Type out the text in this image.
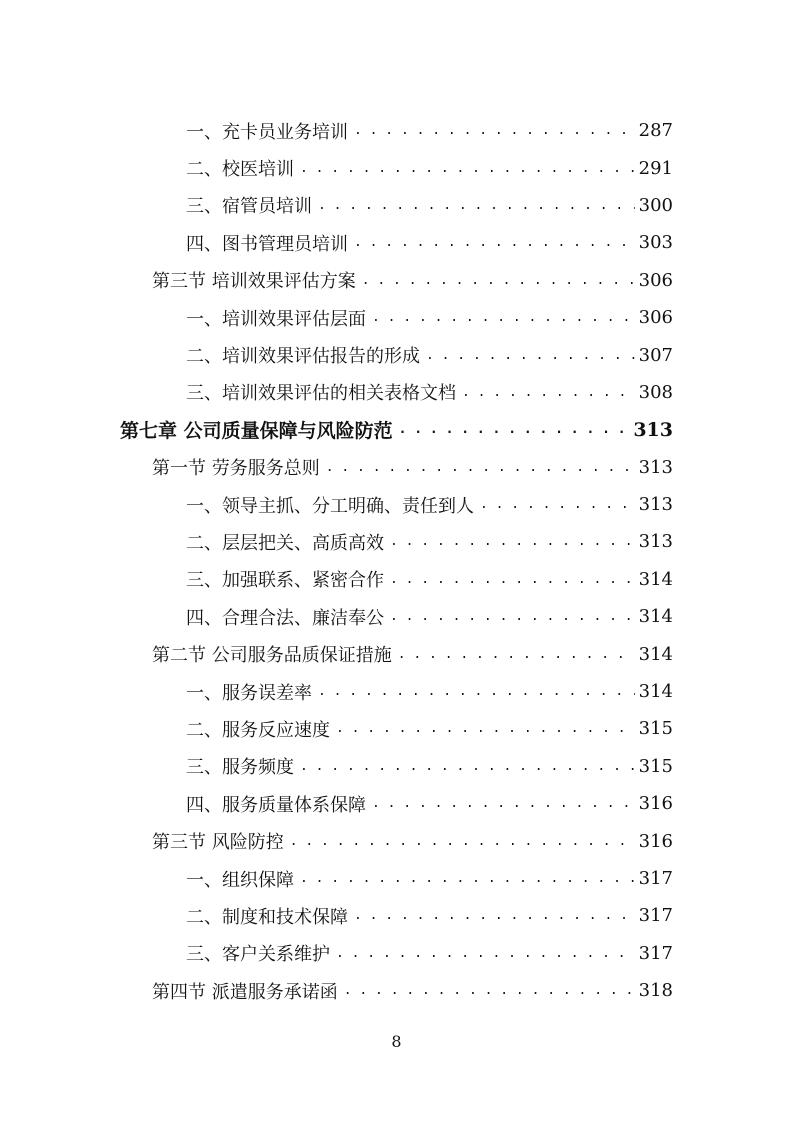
一、充卡员业务培训 . . .	287
二、校医培训 . . .	291
三、宿管员培训 . . .	300
四、图书管理员培训 . . .	303
第三节 培训效果评估方案 . . .	306
一、培训效果评估层面 . . .	306
二、培训效果评估报告的形成 . . .	307
三、培训效果评估的相关表格文档 . . .	308
第七章 公司质量保障与风险防范 . . .	313
第一节 劳务服务总则 . . .	313
一、领导主抓、分工明确、责任到人 . . .	313
二、层层把关、高质高效 . . .	313
三、加强联系、紧密合作 . . .	314
四、合理合法、廉洁奉公 . . .	314
第二节 公司服务品质保证措施 . . .	314
一、服务误差率 . . .	314
二、服务反应速度 . . .	315
三、服务频度 . . .	315
四、服务质量体系保障 . . .	316
第三节 风险防控 . . .	316
一、组织保障 . . .	317
二、制度和技术保障 . . .	317
三、客户关系维护 . . .	317
第四节 派遣服务承诺函 . . .	318
8
